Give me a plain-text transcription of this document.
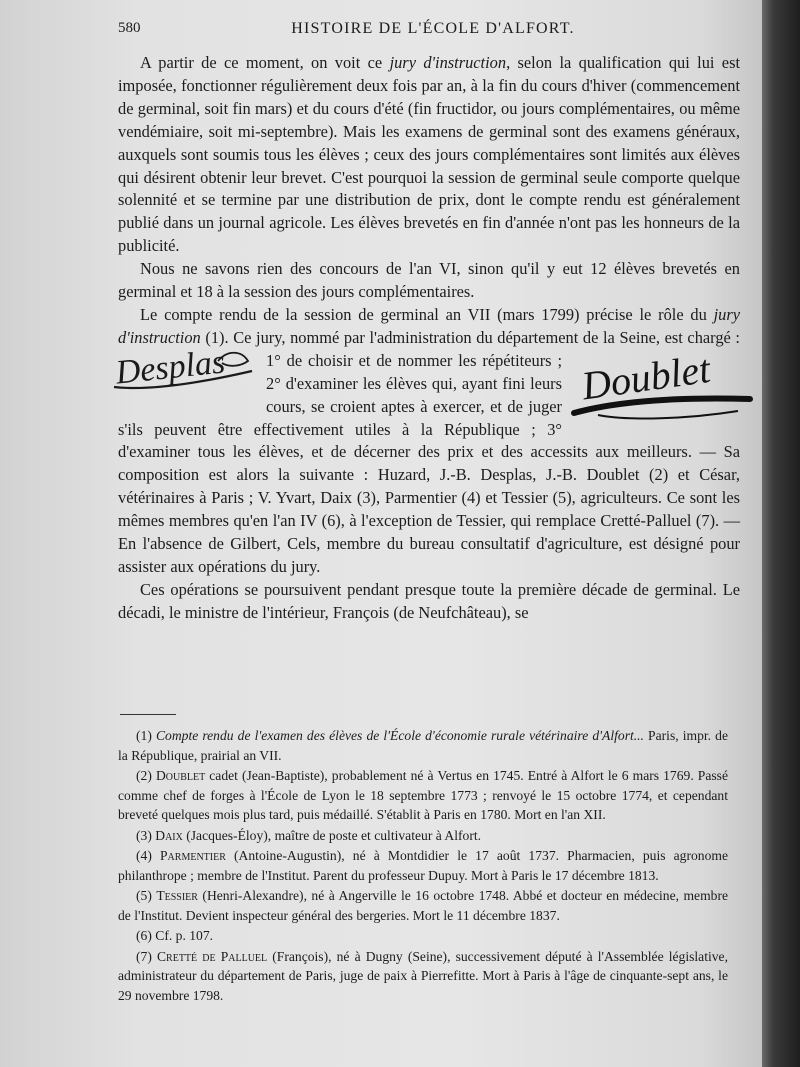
580	HISTOIRE DE L'ÉCOLE D'ALFORT.

A partir de ce moment, on voit ce jury d'instruction, selon la qualification qui lui est imposée, fonctionner régulièrement deux fois par an, à la fin du cours d'hiver (commencement de germinal, soit fin mars) et du cours d'été (fin fructidor, ou jours complémentaires, ou même vendémiaire, soit mi-septembre). Mais les examens de germinal sont des examens généraux, auxquels sont soumis tous les élèves ; ceux des jours complémentaires sont limités aux élèves qui désirent obtenir leur brevet. C'est pourquoi la session de germinal seule comporte quelque solennité et se termine par une distribution de prix, dont le compte rendu est généralement publié dans un journal agricole. Les élèves brevetés en fin d'année n'ont pas les honneurs de la publicité.

Nous ne savons rien des concours de l'an VI, sinon qu'il y eut 12 élèves brevetés en germinal et 18 à la session des jours complémentaires.

Le compte rendu de la session de germinal an VII (mars 1799) précise le rôle du jury d'instruction
Desplas	Doublet
(1). Ce jury, nommé par l'administration du département de la Seine, est chargé : 1° de choisir et de nommer les répétiteurs ; 2° d'examiner les élèves qui, ayant fini leurs cours, se croient aptes à exercer, et de juger s'ils peuvent être effectivement utiles à la République ; 3° d'examiner tous les élèves, et de décerner des prix et des accessits aux meilleurs. — Sa composition est alors la suivante : Huzard, J.-B. Desplas, J.-B. Doublet (2) et César, vétérinaires à Paris ; V. Yvart, Daix (3), Parmentier (4) et Tessier (5), agriculteurs. Ce sont les mêmes membres qu'en l'an IV (6), à l'exception de Tessier, qui remplace Cretté-Palluel (7). — En l'absence de Gilbert, Cels, membre du bureau consultatif d'agriculture, est désigné pour assister aux opérations du jury.

Ces opérations se poursuivent pendant presque toute la première décade de germinal. Le décadi, le ministre de l'intérieur, François (de Neufchâteau), se

(1) Compte rendu de l'examen des élèves de l'École d'économie rurale vétérinaire d'Alfort... Paris, impr. de la République, prairial an VII.

(2) Doublet cadet (Jean-Baptiste), probablement né à Vertus en 1745. Entré à Alfort le 6 mars 1769. Passé comme chef de forges à l'École de Lyon le 18 septembre 1773 ; renvoyé le 15 octobre 1774, et cependant breveté quelques mois plus tard, puis médaillé. S'établit à Paris en 1780. Mort en l'an XII.

(3) Daix (Jacques-Éloy), maître de poste et cultivateur à Alfort.

(4) Parmentier (Antoine-Augustin), né à Montdidier le 17 août 1737. Pharmacien, puis agronome philanthrope ; membre de l'Institut. Parent du professeur Dupuy. Mort à Paris le 17 décembre 1813.

(5) Tessier (Henri-Alexandre), né à Angerville le 16 octobre 1748. Abbé et docteur en médecine, membre de l'Institut. Devient inspecteur général des bergeries. Mort le 11 décembre 1837.

(6) Cf. p. 107.

(7) Cretté de Palluel (François), né à Dugny (Seine), successivement député à l'Assemblée législative, administrateur du département de Paris, juge de paix à Pierrefitte. Mort à Paris à l'âge de cinquante-sept ans, le 29 novembre 1798.
